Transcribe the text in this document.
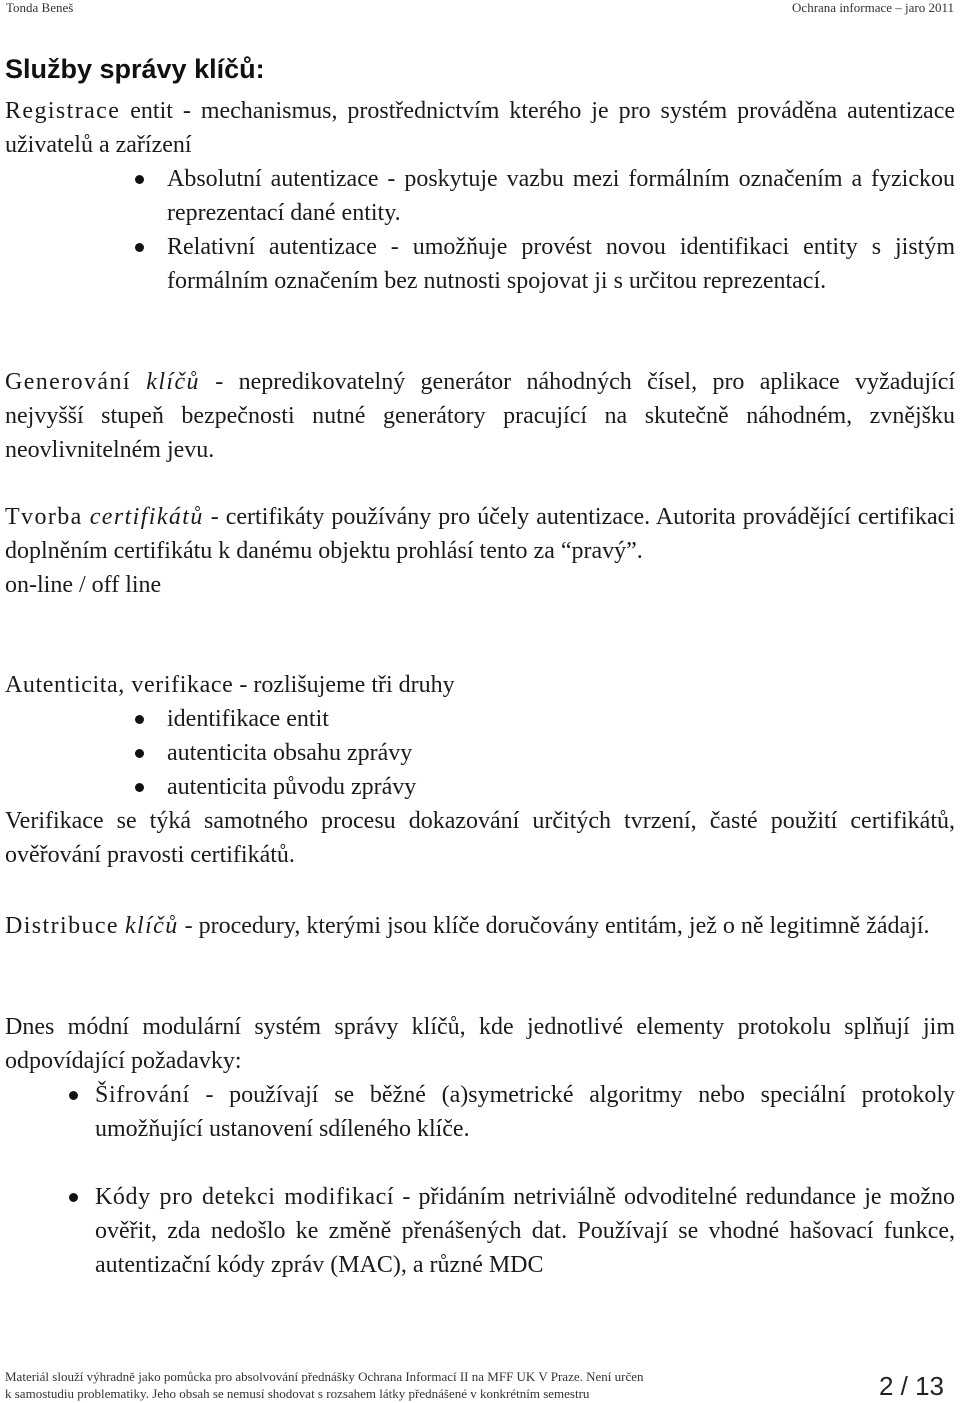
Tonda Beneš	Ochrana informace – jaro 2011
Služby správy klíčů:

Registrace entit - mechanismus, prostřednictvím kterého je pro systém prováděna autentizace uživatelů a zařízení

Absolutní autentizace - poskytuje vazbu mezi formálním označením a fyzickou reprezentací dané entity.
Relativní autentizace - umožňuje provést novou identifikaci entity s jistým formálním označením bez nutnosti spojovat ji s určitou reprezentací.

Generování klíčů - nepredikovatelný generátor náhodných čísel, pro aplikace vyžadující nejvyšší stupeň bezpečnosti nutné generátory pracující na skutečně náhodném, zvnějšku neovlivnitelném jevu.

Tvorba certifikátů - certifikáty používány pro účely autentizace. Autorita provádějící certifikaci doplněním certifikátu k danému objektu prohlásí tento za “pravý”.

on-line / off line

Autenticita, verifikace - rozlišujeme tři druhy

identifikace entit
autenticita obsahu zprávy
autenticita původu zprávy

Verifikace se týká samotného procesu dokazování určitých tvrzení, časté použití certifikátů, ověřování pravosti certifikátů.

Distribuce klíčů - procedury, kterými jsou klíče doručovány entitám, jež o ně legitimně žádají.

Dnes módní modulární systém správy klíčů, kde jednotlivé elementy protokolu splňují jim odpovídající požadavky:

Šifrování - používají se běžné (a)symetrické algoritmy nebo speciální protokoly umožňující ustanovení sdíleného klíče.
Kódy pro detekci modifikací - přidáním netriviálně odvoditelné redundance je možno ověřit, zda nedošlo ke změně přenášených dat. Používají se vhodné hašovací funkce, autentizační kódy zpráv (MAC), a různé MDC
Materiál slouží výhradně jako pomůcka pro absolvování přednášky Ochrana Informací II na MFF UK V Praze. Není určen
k samostudiu problematiky. Jeho obsah se nemusí shodovat s rozsahem látky přednášené v konkrétním semestru	2 / 13
